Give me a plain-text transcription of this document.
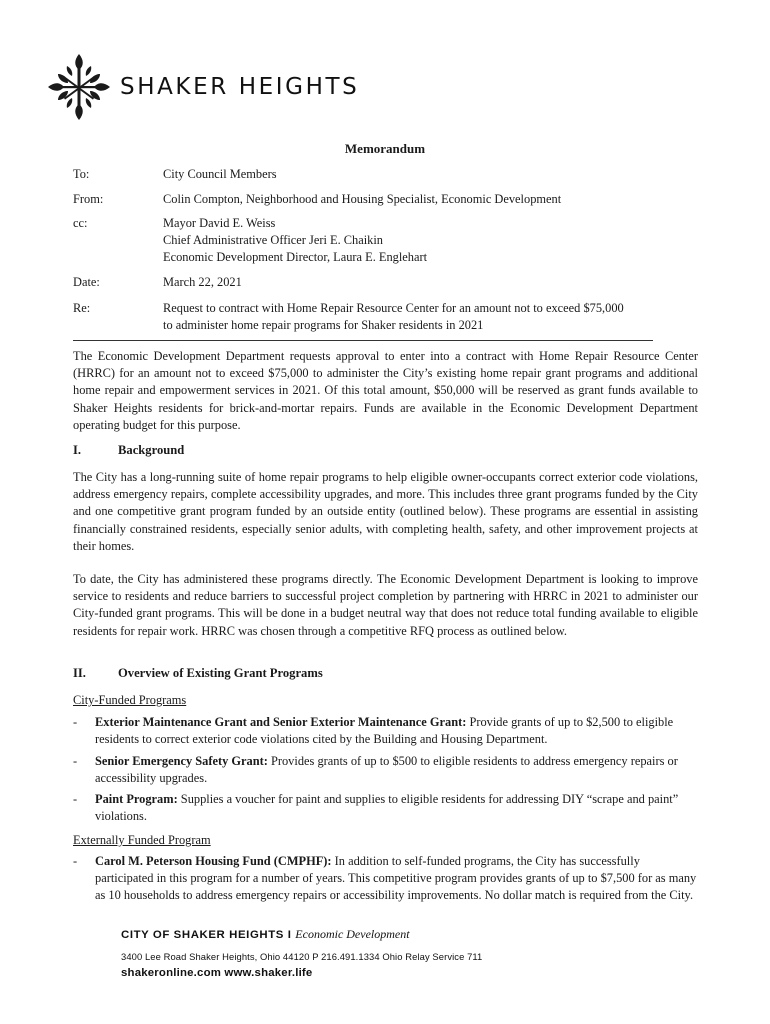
SHAKER HEIGHTS
Memorandum
To:	City Council Members
From:	Colin Compton, Neighborhood and Housing Specialist, Economic Development
cc:	Mayor David E. Weiss
Chief Administrative Officer Jeri E. Chaikin
Economic Development Director, Laura E. Englehart
Date:	March 22, 2021
Re:	Request to contract with Home Repair Resource Center for an amount not to exceed $75,000
to administer home repair programs for Shaker residents in 2021
The Economic Development Department requests approval to enter into a contract with Home Repair Resource Center (HRRC) for an amount not to exceed $75,000 to administer the City’s existing home repair grant programs and additional home repair and empowerment services in 2021. Of this total amount, $50,000 will be reserved as grant funds available to Shaker Heights residents for brick-and-mortar repairs. Funds are available in the Economic Development Department operating budget for this purpose.
I.	Background
The City has a long-running suite of home repair programs to help eligible owner-occupants correct exterior code violations, address emergency repairs, complete accessibility upgrades, and more. This includes three grant programs funded by the City and one competitive grant program funded by an outside entity (outlined below). These programs are essential in assisting financially constrained residents, especially senior adults, with completing health, safety, and other improvement projects at their homes.
To date, the City has administered these programs directly. The Economic Development Department is looking to improve service to residents and reduce barriers to successful project completion by partnering with HRRC in 2021 to administer our City-funded grant programs. This will be done in a budget neutral way that does not reduce total funding available to eligible residents for repair work. HRRC was chosen through a competitive RFQ process as outlined below.
II.	Overview of Existing Grant Programs
City-Funded Programs
- Exterior Maintenance Grant and Senior Exterior Maintenance Grant: Provide grants of up to $2,500 to eligible residents to correct exterior code violations cited by the Building and Housing Department.
- Senior Emergency Safety Grant: Provides grants of up to $500 to eligible residents to address emergency repairs or accessibility upgrades.
- Paint Program: Supplies a voucher for paint and supplies to eligible residents for addressing DIY “scrape and paint” violations.
Externally Funded Program
- Carol M. Peterson Housing Fund (CMPHF): In addition to self-funded programs, the City has successfully participated in this program for a number of years. This competitive program provides grants of up to $7,500 for as many as 10 households to address emergency repairs or accessibility improvements. No dollar match is required from the City.
CITY OF SHAKER HEIGHTS I Economic Development
3400 Lee Road Shaker Heights, Ohio 44120 P 216.491.1334 Ohio Relay Service 711
shakeronline.com www.shaker.life
